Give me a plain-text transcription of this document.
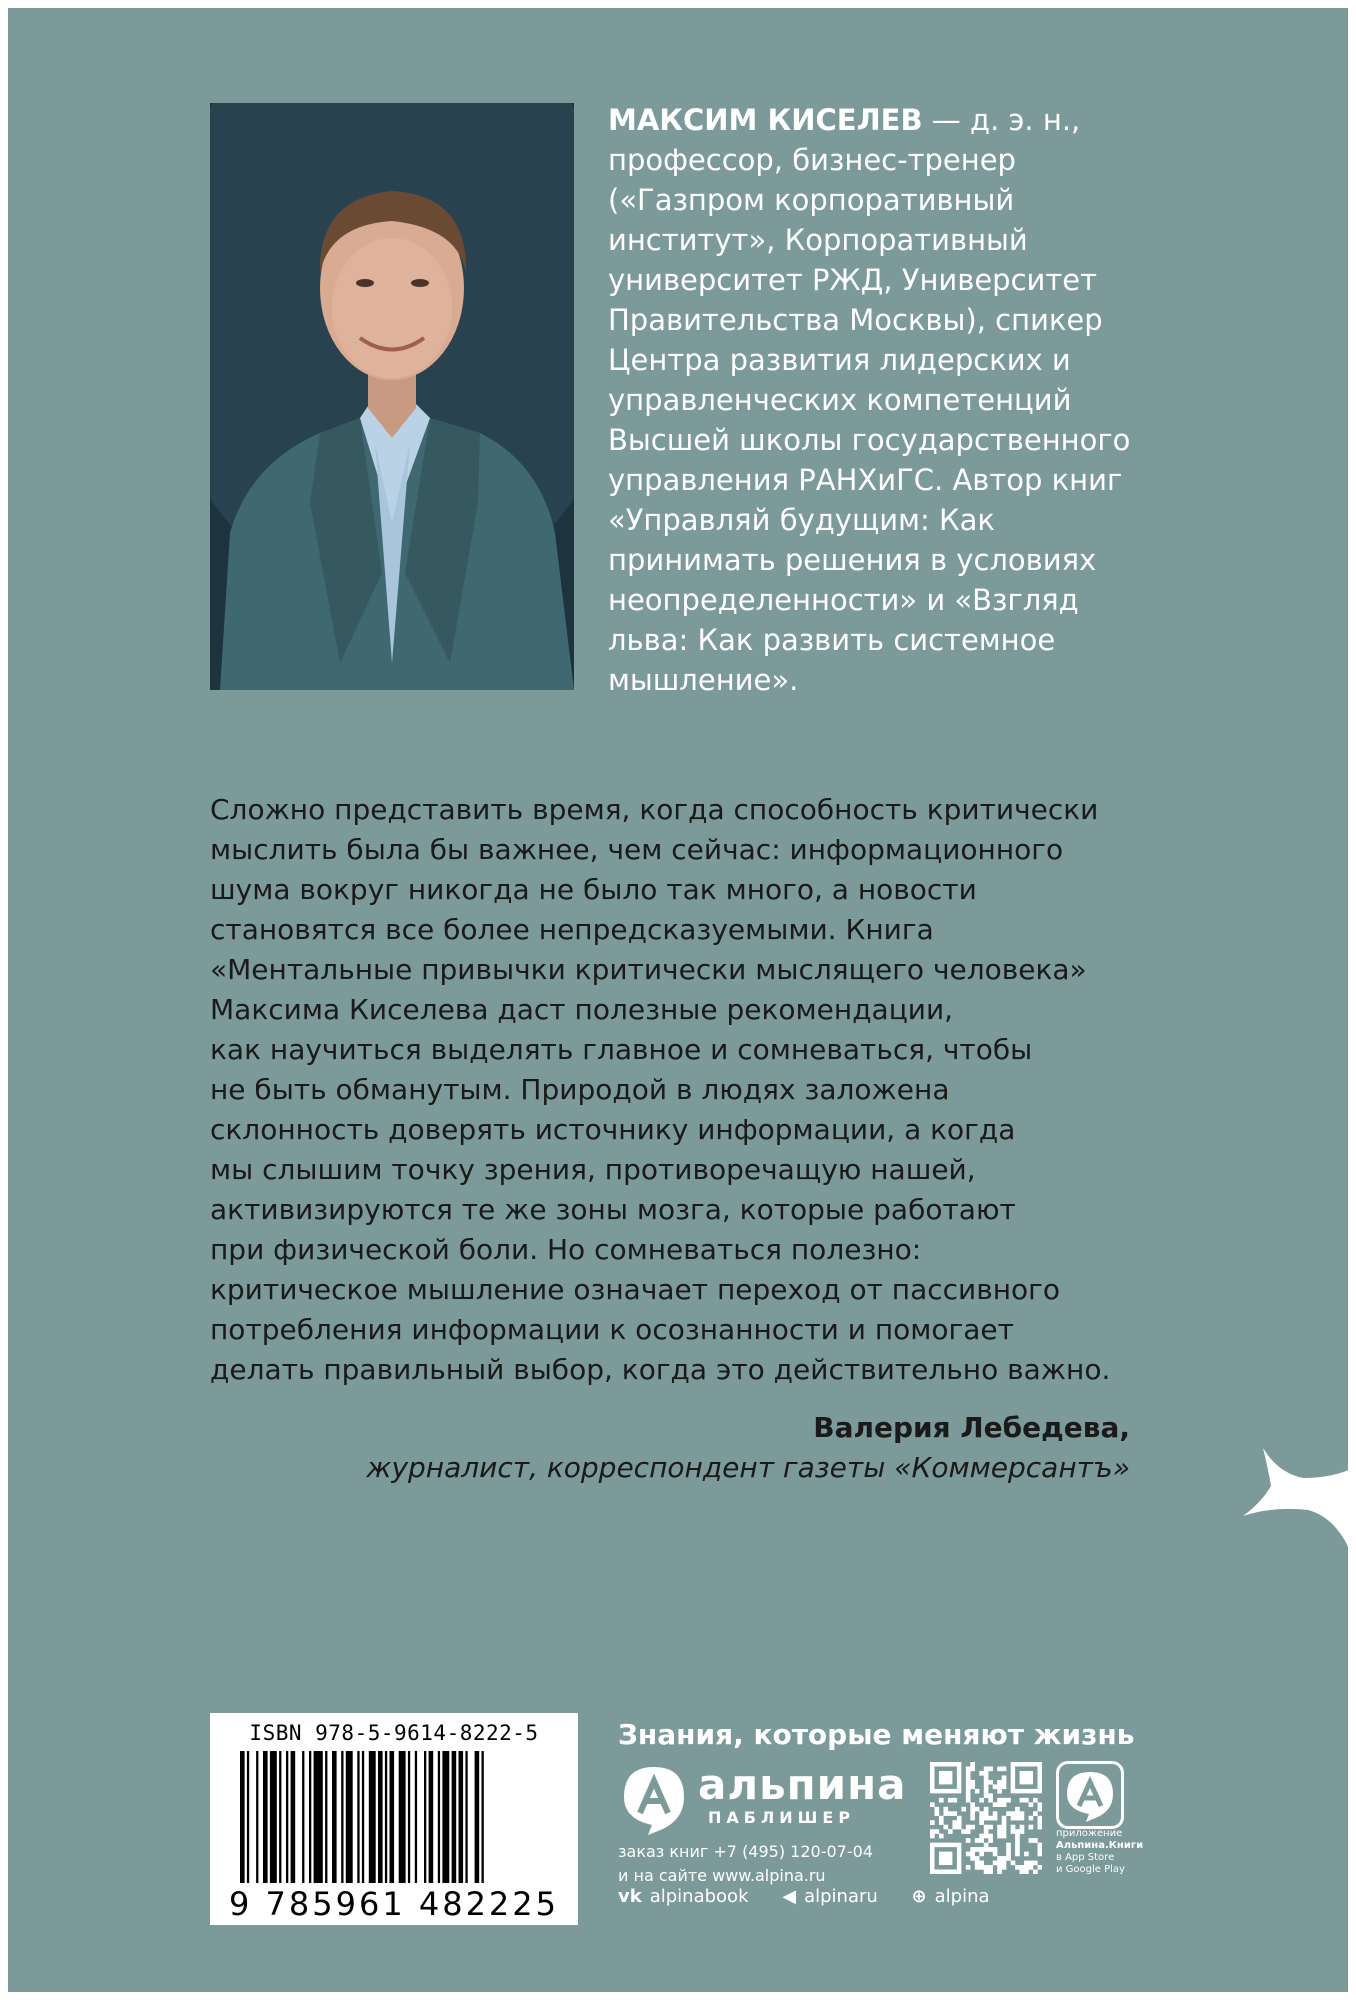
МАКСИМ КИСЕЛЕВ — д. э. н., профессор, бизнес-тренер («Газпром корпоративный институт», Корпоративный университет РЖД, Университет Правительства Москвы), спикер Центра развития лидерских и управленческих компетенций Высшей школы государственного управления РАНХиГС. Автор книг «Управляй будущим: Как принимать решения в условиях неопределенности» и «Взгляд льва: Как развить системное мышление».

Сложно представить время, когда способность критически
мыслить была бы важнее, чем сейчас: информационного
шума вокруг никогда не было так много, а новости
становятся все более непредсказуемыми. Книга
«Ментальные привычки критически мыслящего человека»
Максима Киселева даст полезные рекомендации,
как научиться выделять главное и сомневаться, чтобы
не быть обманутым. Природой в людях заложена
склонность доверять источнику информации, а когда
мы слышим точку зрения, противоречащую нашей,
активизируются те же зоны мозга, которые работают
при физической боли. Но сомневаться полезно:
критическое мышление означает переход от пассивного
потребления информации к осознанности и помогает
делать правильный выбор, когда это действительно важно.
Валерия Лебедева,
журналист, корреспондент газеты «Коммерсантъ»
ISBN 978-5-9614-8222-5
9 785961 482225
Знания, которые меняют жизнь
альпина
ПАБЛИШЕР
заказ книг +7 (495) 120-07-04
и на сайте www.alpina.ru
vk alpinabook ◀ alpinaru ⊕ alpina
приложение
Альпина.Книги
в App Store
и Google Play
